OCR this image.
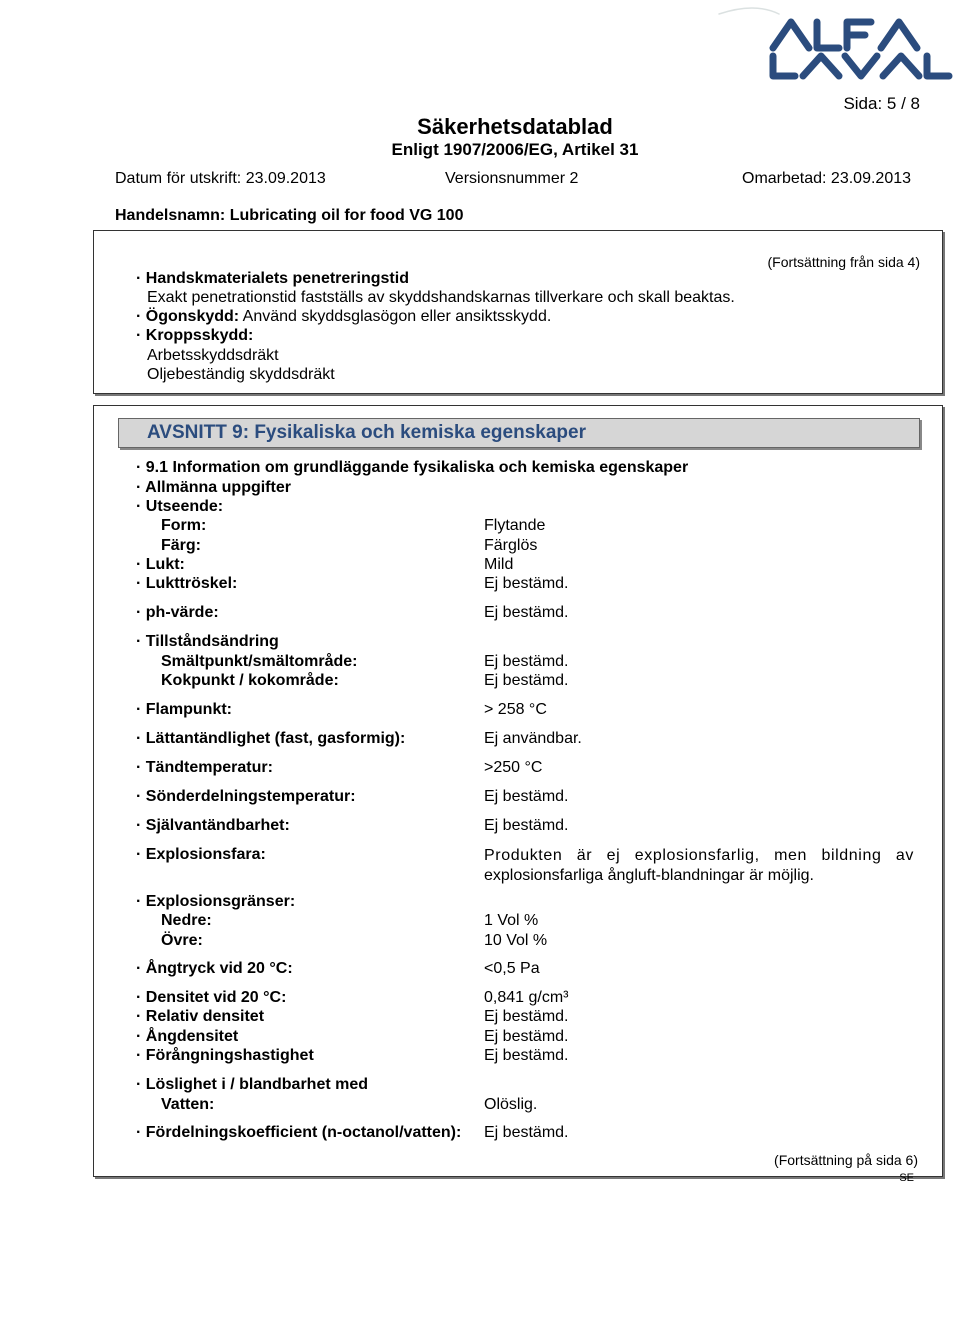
Sida: 5 / 8
Säkerhetsdatablad
Enligt 1907/2006/EG, Artikel 31
Datum för utskrift: 23.09.2013	Versionsnummer 2	Omarbetad: 23.09.2013
Handelsnamn: Lubricating oil for food VG 100
(Fortsättning från sida 4)
· Handskmaterialets penetreringstid
Exakt penetrationstid fastställs av skyddshandskarnas tillverkare och skall beaktas.
· Ögonskydd: Använd skyddsglasögon eller ansiktsskydd.
· Kroppsskydd:
Arbetsskyddsdräkt
Oljebeständig skyddsdräkt
AVSNITT 9: Fysikaliska och kemiska egenskaper
· 9.1 Information om grundläggande fysikaliska och kemiska egenskaper
· Allmänna uppgifter
· Utseende:
Form:	Flytande
Färg:	Färglös
· Lukt:	Mild
· Lukttröskel:	Ej bestämd.
· ph-värde:	Ej bestämd.
· Tillståndsändring
Smältpunkt/smältområde:	Ej bestämd.
Kokpunkt / kokområde:	Ej bestämd.
· Flampunkt:	> 258 °C
· Lättantändlighet (fast, gasformig):	Ej användbar.
· Tändtemperatur:	>250 °C
· Sönderdelningstemperatur:	Ej bestämd.
· Självantändbarhet:	Ej bestämd.
· Explosionsfara:	Produkten är ej explosionsfarlig, men bildning av
explosionsfarliga ångluft-blandningar är möjlig.
· Explosionsgränser:
Nedre:	1 Vol %
Övre:	10 Vol %
· Ångtryck vid 20 °C:	<0,5 Pa
· Densitet vid 20 °C:	0,841 g/cm³
· Relativ densitet	Ej bestämd.
· Ångdensitet	Ej bestämd.
· Förångningshastighet	Ej bestämd.
· Löslighet i / blandbarhet med
Vatten:	Olöslig.
· Fördelningskoefficient (n-octanol/vatten): Ej bestämd.
(Fortsättning på sida 6)
SE
